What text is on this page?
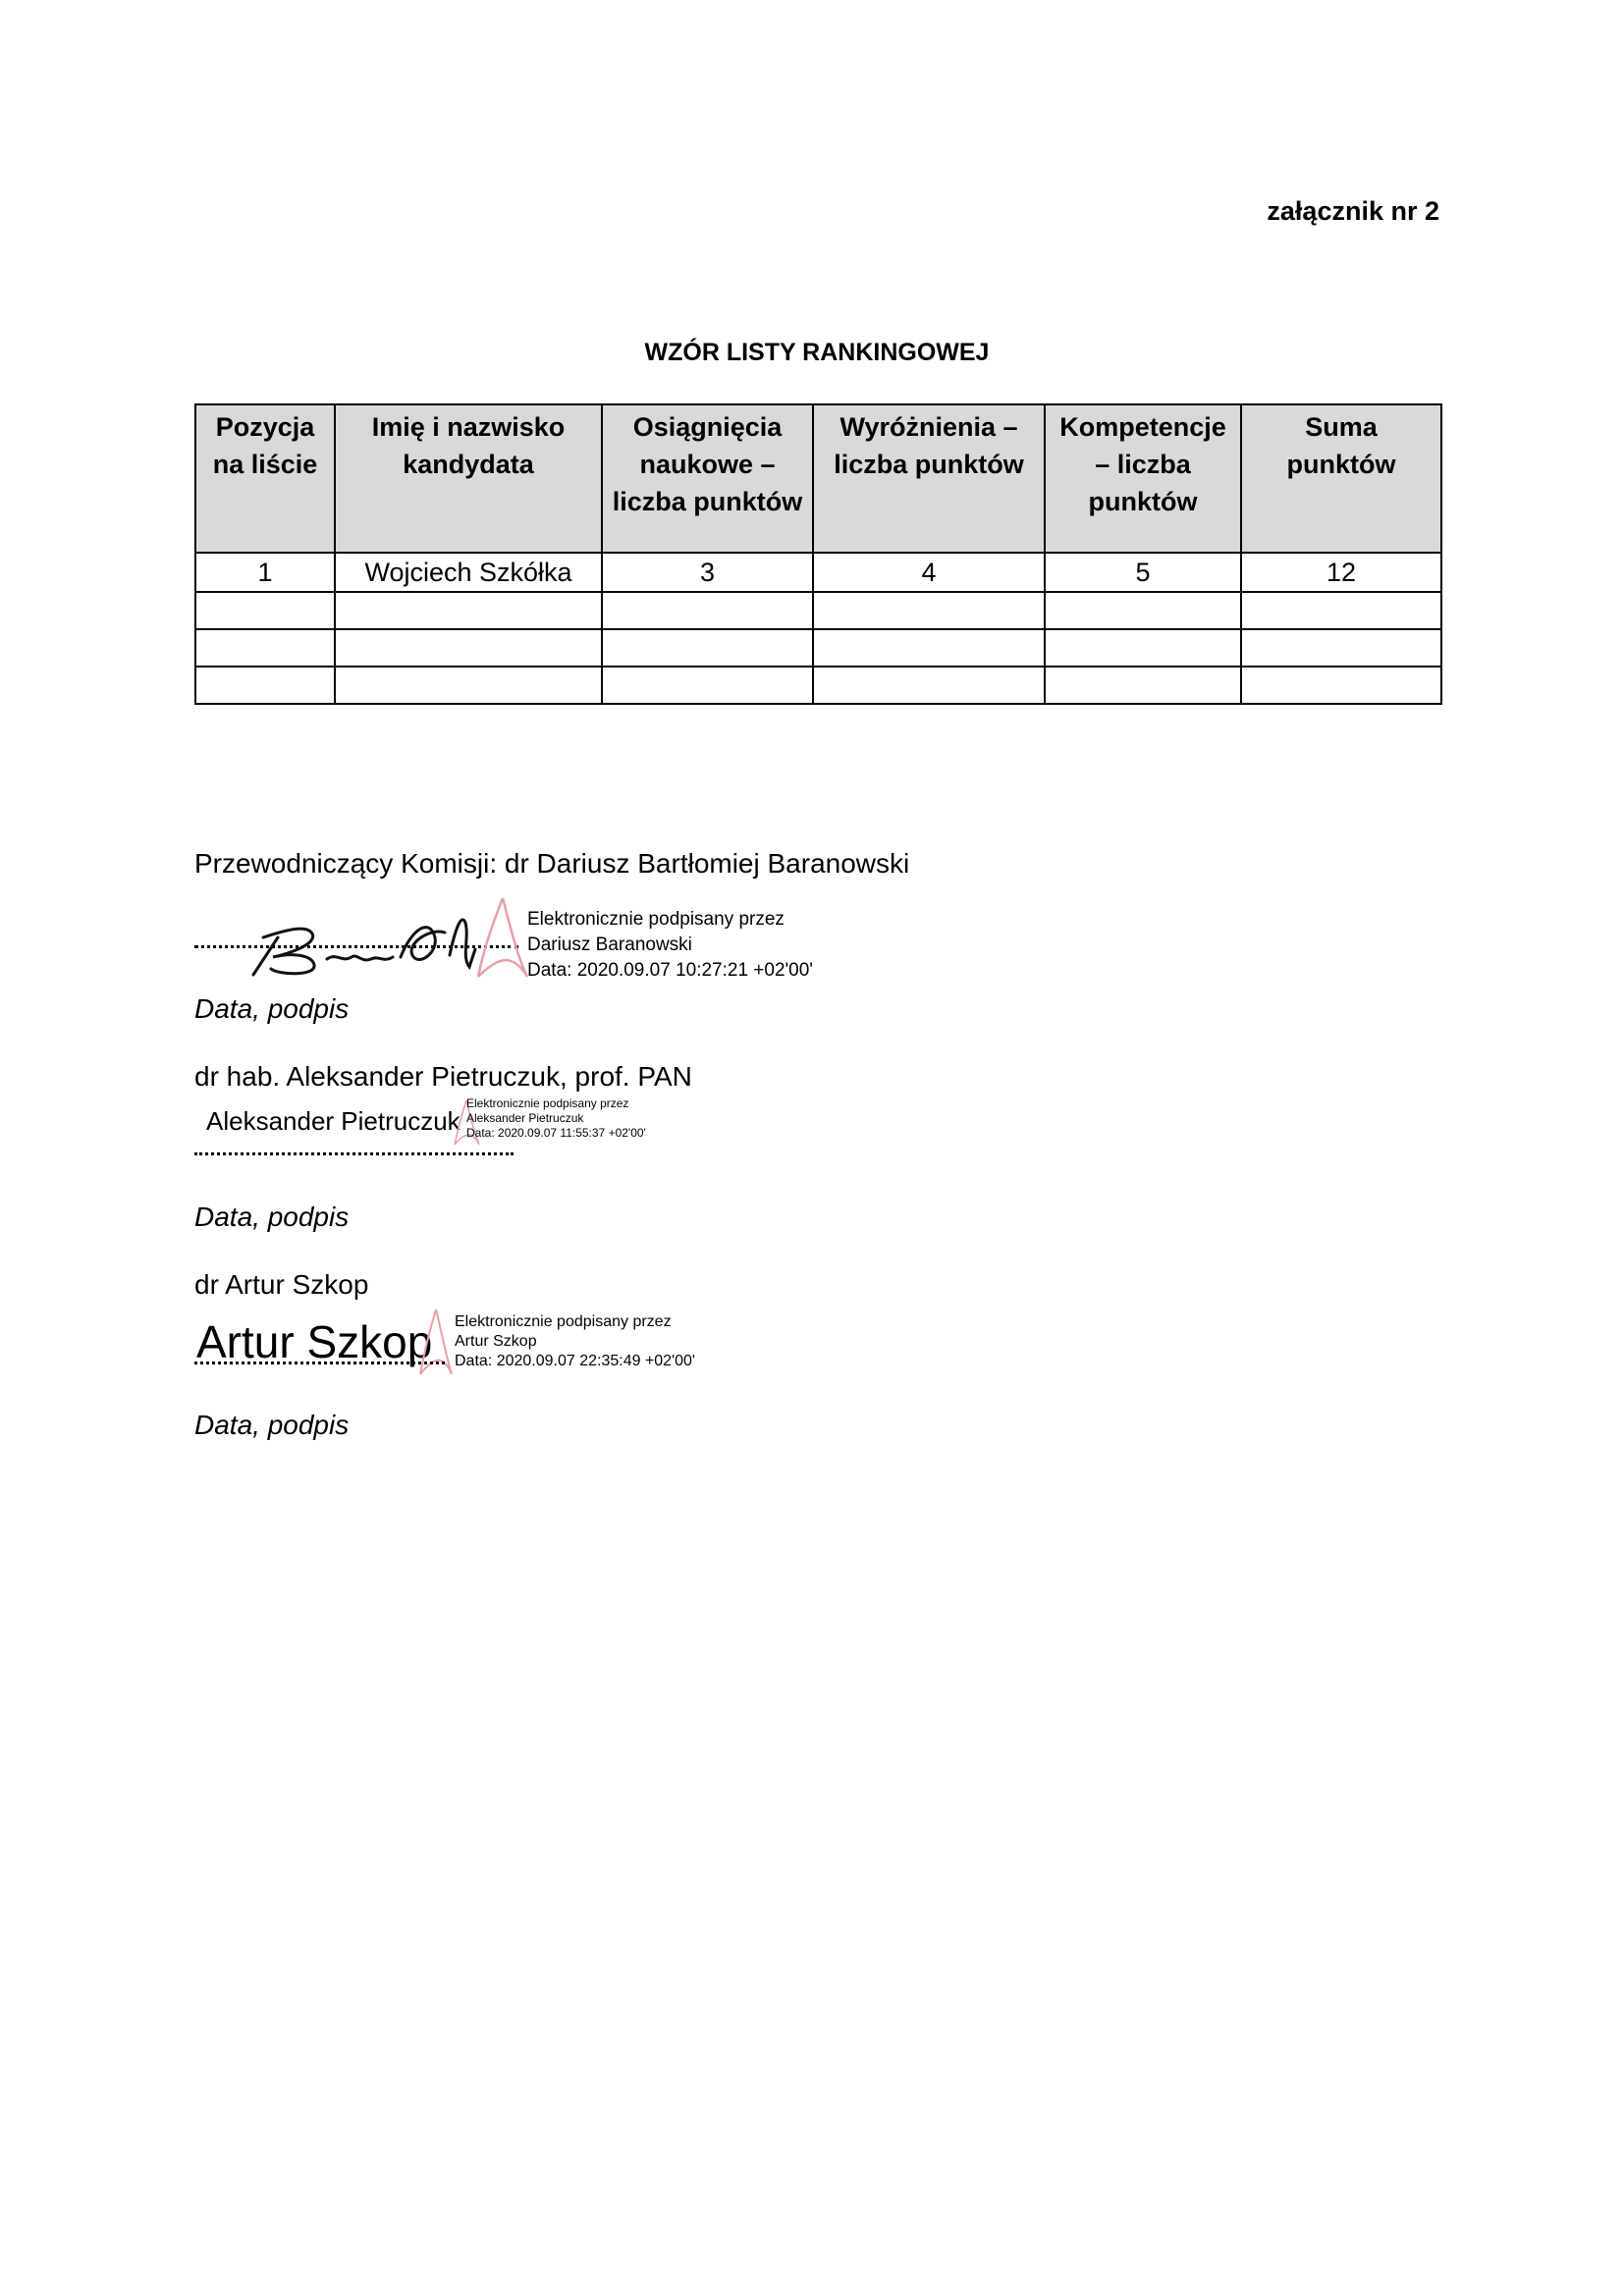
załącznik nr 2
WZÓR LISTY RANKINGOWEJ
Pozycja na liście	Imię i nazwisko kandydata	Osiągnięcia naukowe – liczba punktów	Wyróżnienia – liczba punktów	Kompetencje – liczba punktów	Suma punktów
1	Wojciech Szkółka	3	4	5	12

Przewodniczący Komisji: dr Dariusz Bartłomiej Baranowski
Elektronicznie podpisany przez
Dariusz Baranowski
Data: 2020.09.07 10:27:21 +02'00'
Data, podpis
dr hab. Aleksander Pietruczuk, prof. PAN
Aleksander Pietruczuk
Elektronicznie podpisany przez
Aleksander Pietruczuk
Data: 2020.09.07 11:55:37 +02'00'
Data, podpis
dr Artur Szkop
Artur Szkop Elektronicznie podpisany przez
Artur Szkop
Data: 2020.09.07 22:35:49 +02'00'
Data, podpis
